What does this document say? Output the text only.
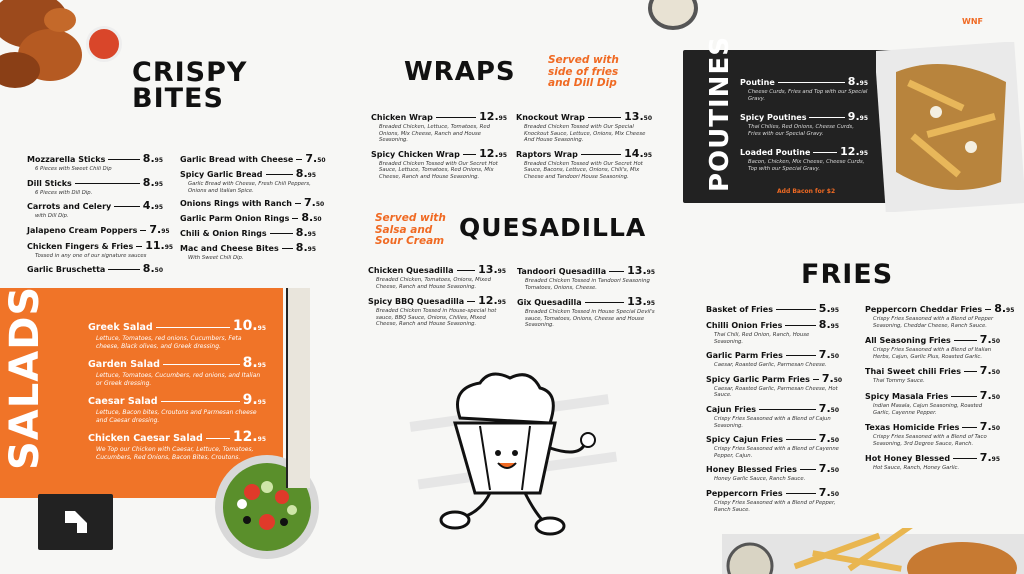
WNF
CRISPY
BITES
Mozzarella Sticks	8.95
6 Pieces with Sweet Chili Dip
Dill Sticks	8.95
6 Pieces with Dill Dip.
Carrots and Celery	4.95
with Dill Dip.
Jalapeno Cream Poppers 7.95
Chicken Fingers & Fries 11.95
Tossed in any one of our signature sauces
Garlic Bruschetta	8.50
Garlic Bread with Cheese 7.50
Spicy Garlic Bread	8.95
Garlic Bread with Cheese, Fresh Chili Peppers, Onions and Italian Spice.
Onions Rings with Ranch 7.50
Garlic Parm Onion Rings 8.50
Chili & Onion Rings	8.95
Mac and Cheese Bites 8.95
With Sweet Chili Dip.
WRAPS	Served with side of fries and Dill Dip
Chicken Wrap	12.95
Breaded Chicken, Lettuce, Tomatoes, Red Onions, Mix Cheese, Ranch and House Seasoning.
Spicy Chicken Wrap 12.95
Breaded Chicken Tossed with Our Secret Hot Sauce, Lettuce, Tomatoes, Red Onions, Mix Cheese, Ranch and House Seasoning.
Knockout Wrap	13.50
Breaded Chicken Tossed with Our Special Knockout Sauce, Lettuce, Onions, Mix Cheese And House Seasoning.
Raptors Wrap	14.95
Breaded Chicken Tossed with Our Secret Hot Sauce, Bacons, Lettuce, Onions, Chili's, Mix Cheese and Tandoori House Seasoning.
Served with Salsa and Sour Cream QUESADILLA
Chicken Quesadilla 13.95
Breaded Chicken, Tomatoes, Onions, Mixed Cheese, Ranch and House Seasoning.
Spicy BBQ Quesadilla 12.95
Breaded Chicken Tossed in House-special hot sauce, BBQ Sauce, Onions, Chilies, Mixed Cheese, Ranch and House Seasoning.
Tandoori Quesadilla 13.95
Breaded Chicken Tossed in Tandoori Seasoning Tomatoes, Onions, Cheese.
Gix Quesadilla	13.95
Breaded Chicken Tossed in House Special Devil's sauce, Tomatoes, Onions, Cheese and House Seasoning.
SALADS	Greek Salad	10.95
Lettuce, Tomatoes, red onions, Cucumbers, Feta cheese, Black olives, and Greek dressing.
Garden Salad	8.95
Lettuce, Tomatoes, Cucumbers, red onions, and Italian or Greek dressing.
Caesar Salad	9.95
Lettuce, Bacon bites, Croutons and Parmesan cheese and Caesar dressing.
Chicken Caesar Salad 12.95
We Top our Chicken with Caesar, Lettuce, Tomatoes, Cucumbers, Red Onions, Bacon Bites, Croutons.
POUTINES Poutine	8.95
Cheese Curds, Fries and Top with our Special Gravy.
Spicy Poutines	9.95
Thai Chilies, Red Onions, Cheese Curds, Fries with our Special Gravy.
Loaded Poutine	12.95
Bacon, Chicken, Mix Cheese, Cheese Curds, Top with our Special Gravy.
Add Bacon for $2
FRIES
Basket of Fries	5.95
Chilli Onion Fries	8.95
Thai Chili, Red Onion, Ranch, House Seasoning.
Garlic Parm Fries	7.50
Caesar, Roasted Garlic, Parmesan Cheese.
Spicy Garlic Parm Fries 7.50
Caesar, Roasted Garlic, Parmesan Cheese, Hot Sauce.
Cajun Fries	7.50
Crispy Fries Seasoned with a Blend of Cajun Seasoning.
Spicy Cajun Fries	7.50
Crispy Fries Seasoned with a Blend of Cayenne Pepper, Cajun.
Honey Blessed Fries 7.50
Honey Garlic Sauce, Ranch Sauce.
Peppercorn Fries	7.50
Crispy Fries Seasoned with a Blend of Pepper, Ranch Sauce.
Peppercorn Cheddar Fries 8.95
Crispy Fries Seasoned with a Blend of Pepper Seasoning, Cheddar Cheese, Ranch Sauce.
All Seasoning Fries	7.50
Crispy Fries Seasoned with a Blend of Italian Herbs, Cajun, Garlic Plus, Roasted Garlic.
Thai Sweet chili Fries 7.50
Thai Tommy Sauce.
Spicy Masala Fries	7.50
Indian Masala, Cajun Seasoning, Roasted Garlic, Cayenne Pepper.
Texas Homicide Fries 7.50
Crispy Fries Seasoned with a Blend of Taco Seasoning, 3rd Degree Sauce, Ranch.
Hot Honey Blessed	7.95
Hot Sauce, Ranch, Honey Garlic.
